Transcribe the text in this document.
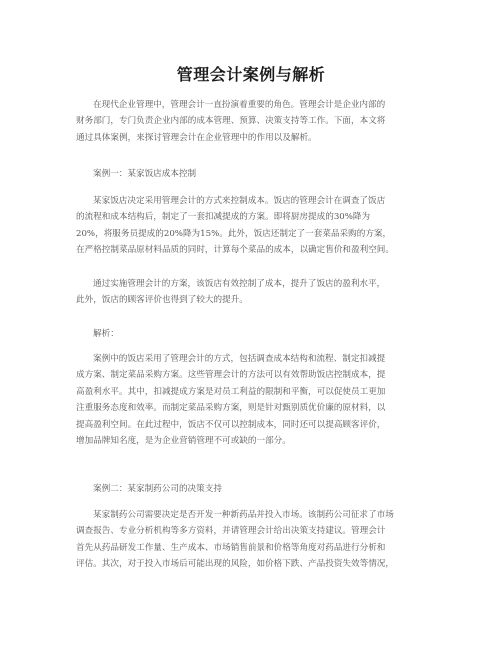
管理会计案例与解析
在现代企业管理中，管理会计一直扮演着重要的角色。管理会计是企业内部的
财务部门，专门负责企业内部的成本管理、预算、决策支持等工作。下面，本文将
通过具体案例，来探讨管理会计在企业管理中的作用以及解析。
案例一：某家饭店成本控制
某家饭店决定采用管理会计的方式来控制成本。饭店的管理会计在调查了饭店
的流程和成本结构后，制定了一套扣减提成的方案。即将厨房提成的30%降为
20%，将服务员提成的20%降为15%。此外，饭店还制定了一套菜品采购的方案，
在严格控制菜品原材料品质的同时，计算每个菜品的成本，以确定售价和盈利空间。
通过实施管理会计的方案，该饭店有效控制了成本，提升了饭店的盈利水平，
此外，饭店的顾客评价也得到了较大的提升。
解析：
案例中的饭店采用了管理会计的方式，包括调查成本结构和流程、制定扣减提
成方案、制定菜品采购方案。这些管理会计的方法可以有效帮助饭店控制成本，提
高盈利水平。其中，扣减提成方案是对员工利益的限制和平衡，可以促使员工更加
注重服务态度和效率。而制定菜品采购方案，则是针对甄别质优价廉的原材料，以
提高盈利空间。在此过程中，饭店不仅可以控制成本，同时还可以提高顾客评价，
增加品牌知名度，是为企业营销管理不可或缺的一部分。
案例二：某家制药公司的决策支持
某家制药公司需要决定是否开发一种新药品并投入市场。该制药公司征求了市场
调查报告、专业分析机构等多方资料，并请管理会计给出决策支持建议。管理会计
首先从药品研发工作量、生产成本、市场销售前景和价格等角度对药品进行分析和
评估。其次，对于投入市场后可能出现的风险，如价格下跌、产品投资失效等情况，
